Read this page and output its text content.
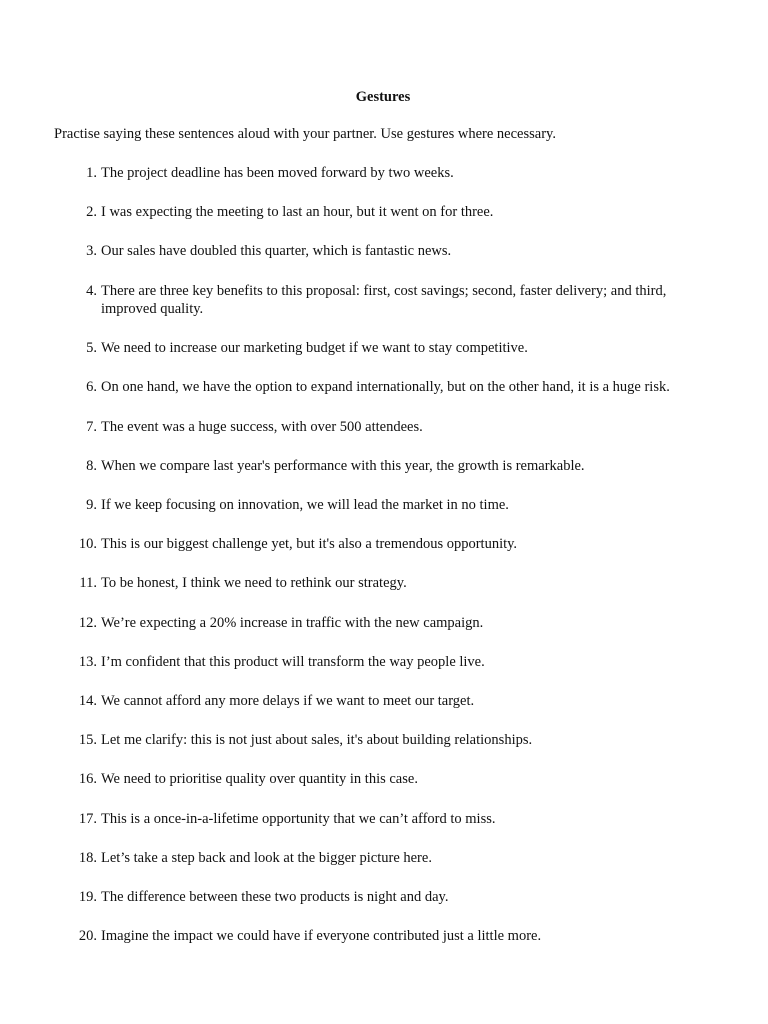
Gestures
Practise saying these sentences aloud with your partner. Use gestures where necessary.
1. The project deadline has been moved forward by two weeks.
2. I was expecting the meeting to last an hour, but it went on for three.
3. Our sales have doubled this quarter, which is fantastic news.
4. There are three key benefits to this proposal: first, cost savings; second, faster delivery; and third, improved quality.
5. We need to increase our marketing budget if we want to stay competitive.
6. On one hand, we have the option to expand internationally, but on the other hand, it is a huge risk.
7. The event was a huge success, with over 500 attendees.
8. When we compare last year's performance with this year, the growth is remarkable.
9. If we keep focusing on innovation, we will lead the market in no time.
10. This is our biggest challenge yet, but it's also a tremendous opportunity.
11. To be honest, I think we need to rethink our strategy.
12. We’re expecting a 20% increase in traffic with the new campaign.
13. I’m confident that this product will transform the way people live.
14. We cannot afford any more delays if we want to meet our target.
15. Let me clarify: this is not just about sales, it's about building relationships.
16. We need to prioritise quality over quantity in this case.
17. This is a once-in-a-lifetime opportunity that we can’t afford to miss.
18. Let’s take a step back and look at the bigger picture here.
19. The difference between these two products is night and day.
20. Imagine the impact we could have if everyone contributed just a little more.
